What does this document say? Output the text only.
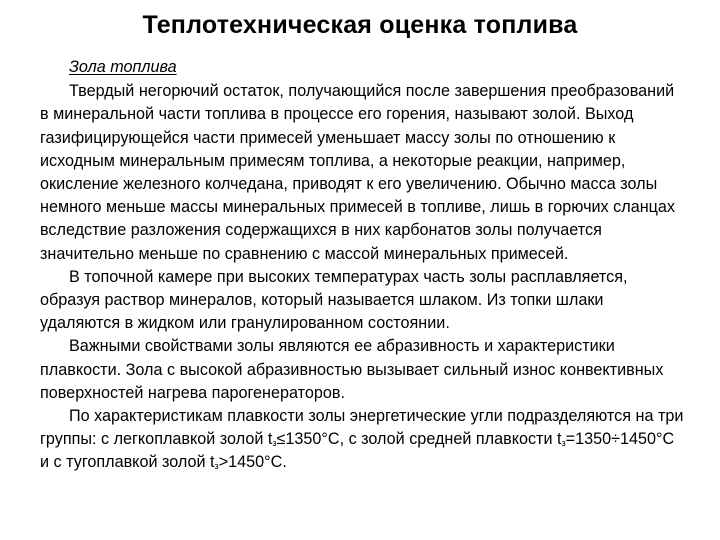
Теплотехническая оценка топлива
Зола топлива

Твердый негорючий остаток, получающийся после завершения преобразований в минеральной части топлива в процессе его горения, называют золой. Выход газифицирующейся части примесей уменьшает массу золы по отношению к исходным минеральным примесям топлива, а некоторые реакции, например, окисление железного колчедана, приводят к его увеличению. Обычно масса золы немного меньше массы минеральных примесей в топливе, лишь в горючих сланцах вследствие разложения содержащихся в них карбонатов золы получается значительно меньше по сравнению с массой минеральных примесей.

В топочной камере при высоких температурах часть золы расплавляется, образуя раствор минералов, который называется шлаком. Из топки шлаки удаляются в жидком или гранулированном состоянии.

Важными свойствами золы являются ее абразивность и характеристики плавкости. Зола с высокой абразивностью вызывает сильный износ конвективных поверхностей нагрева парогенераторов.

По характеристикам плавкости золы энергетические угли подразделяются на три группы: с легкоплавкой золой $t_з\le 1350^\circ С$, с золой средней плавкости $t_з=1350\div 1450^\circ С$ и с тугоплавкой золой $t_з>1450^\circ С$.
